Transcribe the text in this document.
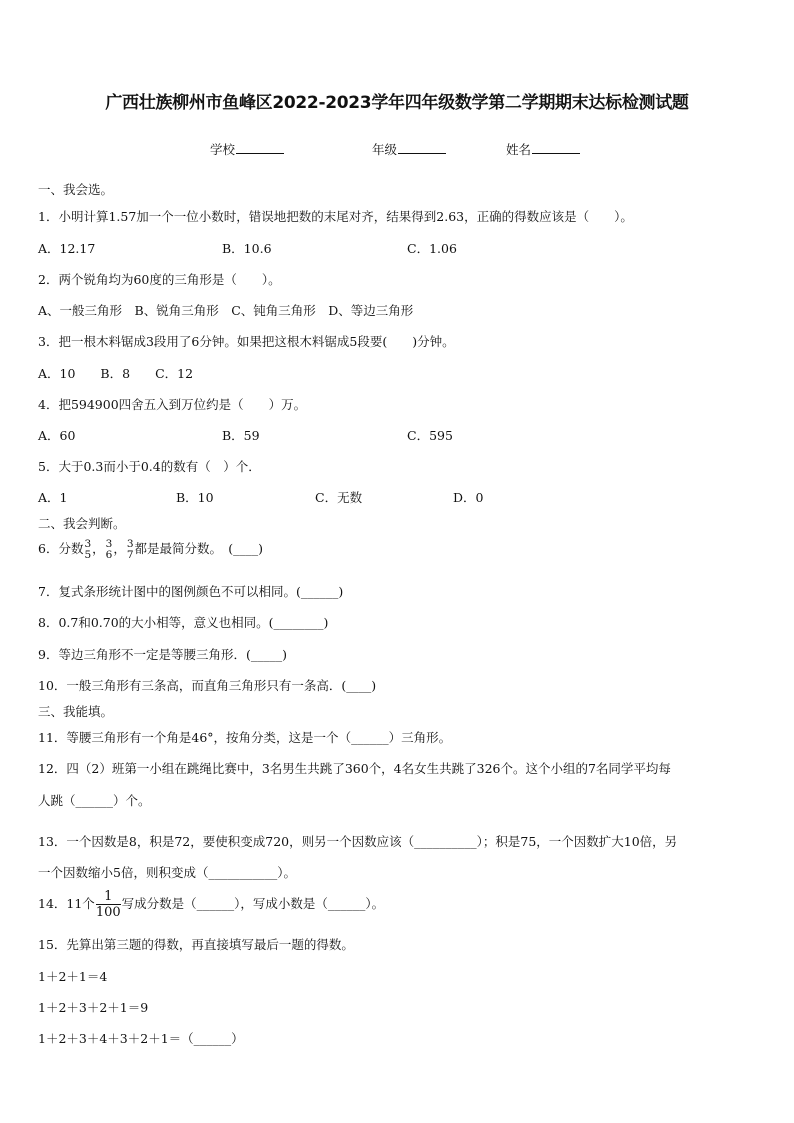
广西壮族柳州市鱼峰区2022-2023学年四年级数学第二学期期末达标检测试题
学校	年级	姓名
一、我会选。
1．小明计算1.57加一个一位小数时，错误地把数的末尾对齐，结果得到2.63，正确的得数应该是（　　）。
A．12.17	B．10.6	C．1.06
2．两个锐角均为60度的三角形是（　　）。
A、一般三角形　B、锐角三角形　C、钝角三角形　D、等边三角形
3．把一根木料锯成3段用了6分钟。如果把这根木料锯成5段要(　　)分钟。
A．10　　B．8　　C．12
4．把594900四舍五入到万位约是（　　）万。
A．60	B．59	C．595
5．大于0.3而小于0.4的数有（　）个．
A．1	B．10	C．无数	D．0
二、我会判断。
6．分数 3
5 ， 3
6 ， 3
7 都是最简分数。　(____)
7．复式条形统计图中的图例颜色不可以相同。(______)
8．0.7和0.70的大小相等，意义也相同。(________)
9．等边三角形不一定是等腰三角形．(_____)
10．一般三角形有三条高，而直角三角形只有一条高．(____)
三、我能填。
11．等腰三角形有一个角是46°，按角分类，这是一个（______）三角形。
12．四（2）班第一小组在跳绳比赛中，3名男生共跳了360个，4名女生共跳了326个。这个小组的7名同学平均每
人跳（______）个。
13．一个因数是8，积是72，要使积变成720，则另一个因数应该（__________）；积是75，一个因数扩大10倍，另
一个因数缩小5倍，则积变成（___________）。
14．11个 $\frac{1}{100}$ 写成分数是（______），写成小数是（______）。
15．先算出第三题的得数，再直接填写最后一题的得数。
1＋2＋1＝4
1＋2＋3＋2＋1＝9
1＋2＋3＋4＋3＋2＋1＝（______）
